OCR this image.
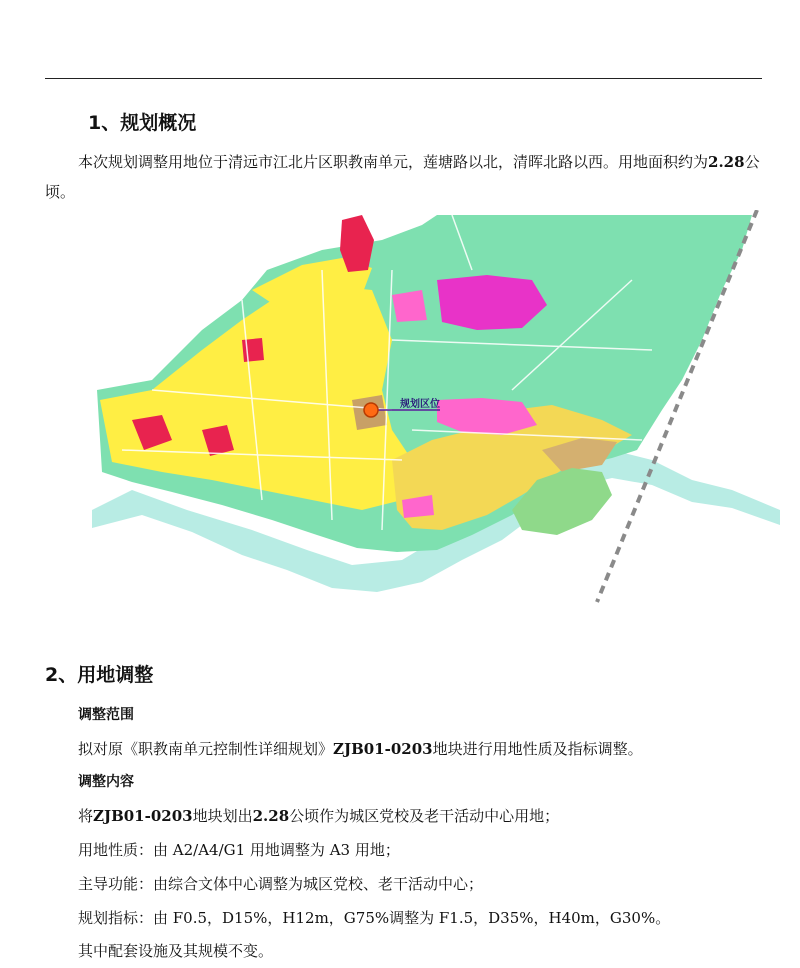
1、规划概况
本次规划调整用地位于清远市江北片区职教南单元，莲塘路以北，清晖北路以西。用地面积约为2.28公顷。
规划区位
2、用地调整
调整范围
拟对原《职教南单元控制性详细规划》ZJB01-0203地块进行用地性质及指标调整。
调整内容
将ZJB01-0203地块划出2.28公顷作为城区党校及老干活动中心用地；
用地性质：由 A2/A4/G1 用地调整为 A3 用地；
主导功能：由综合文体中心调整为城区党校、老干活动中心；
规划指标：由 F0.5，D15%，H12m，G75%调整为 F1.5，D35%，H40m，G30%。
其中配套设施及其规模不变。
